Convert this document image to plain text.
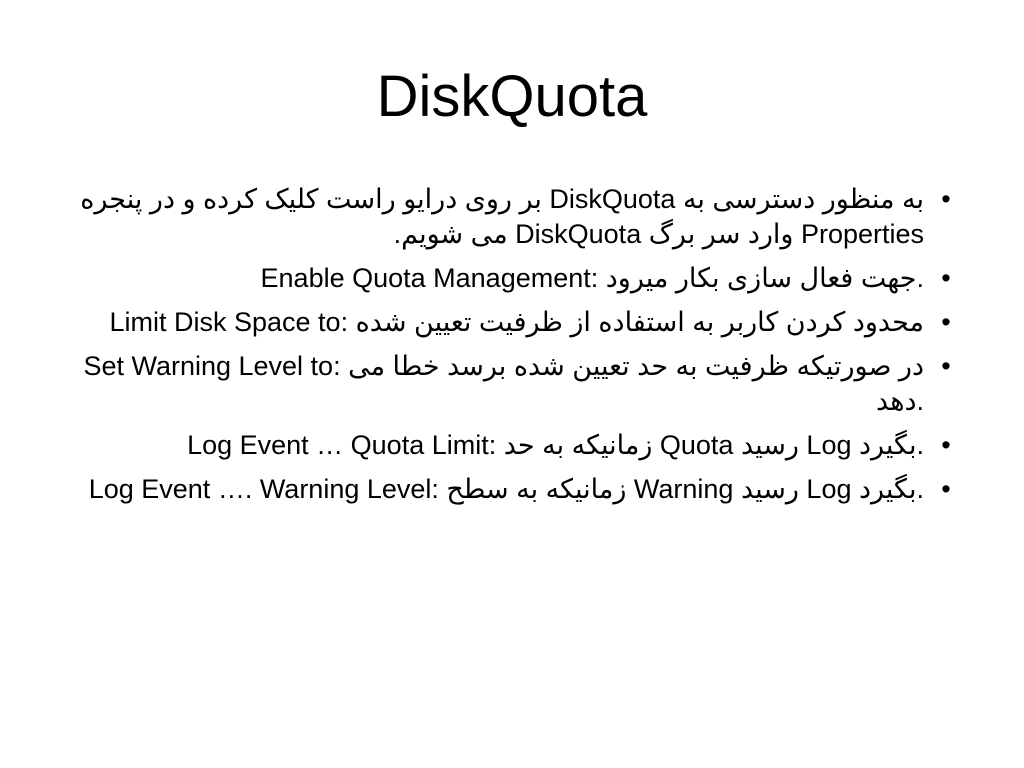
DiskQuota
•
به منظور دسترسی به DiskQuota بر روی درایو راست کلیک کرده و در پنجره Properties وارد سر برگ DiskQuota می شویم.
•
Enable Quota Management: جهت فعال سازی بکار میرود.
•
Limit Disk Space to: محدود کردن کاربر به استفاده از ظرفیت تعیین شده
•
Set Warning Level to: در صورتیکه ظرفیت به حد تعیین شده برسد خطا می دهد.
•
Log Event … Quota Limit: زمانیکه به حد Quota رسید Log بگیرد.
•
Log Event …. Warning Level: زمانیکه به سطح Warning رسید Log بگیرد.
